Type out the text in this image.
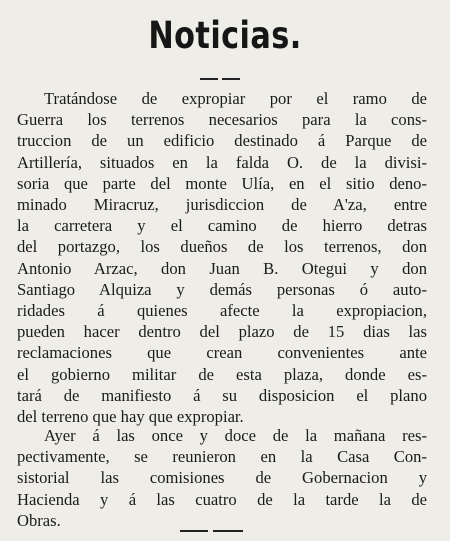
Noticias.
Tratándose de expropiar por el ramo de
Guerra los terrenos necesarios para la cons-
truccion de un edificio destinado á Parque de
Artillería, situados en la falda O. de la divisi-
soria que parte del monte Ulía, en el sitio deno-
minado Miracruz, jurisdiccion de A'za, entre
la carretera y el camino de hierro detras
del portazgo, los dueños de los terrenos, don
Antonio Arzac, don Juan B. Otegui y don
Santiago Alquiza y demás personas ó auto-
ridades á quienes afecte la expropiacion,
pueden hacer dentro del plazo de 15 dias las
reclamaciones que crean convenientes ante
el gobierno militar de esta plaza, donde es-
tará de manifiesto á su disposicion el plano
del terreno que hay que expropiar.
Ayer á las once y doce de la mañana res-
pectivamente, se reunieron en la Casa Con-
sistorial las comisiones de Gobernacion y
Hacienda y á las cuatro de la tarde la de
Obras.
